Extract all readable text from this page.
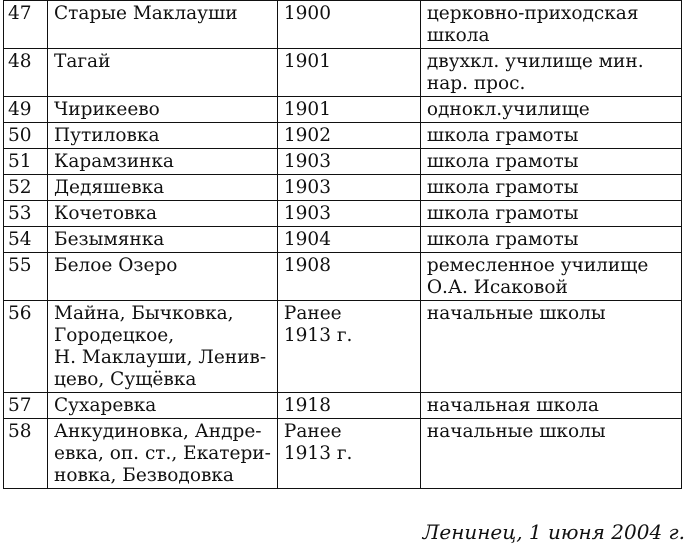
47	Старые Маклауши	1900	церковно-приходская
школа

48	Тагай	1901	двухкл. училище мин.
нар. прос.

49	Чирикеево	1901	однокл.училище

50	Путиловка	1902	школа грамоты

51	Карамзинка	1903	школа грамоты

52	Дедяшевка	1903	школа грамоты

53	Кочетовка	1903	школа грамоты

54	Безымянка	1904	школа грамоты

55	Белое Озеро	1908	ремесленное училище
О.А. Исаковой

56	Майна, Бычковка,
Городецкое,
Н. Маклауши, Ленив-
цево, Сущёвка	Ранее
1913 г.	начальные школы

57	Сухаревка	1918	начальная школа

58	Анкудиновка, Андре-
евка, оп. ст., Екатери-
новка, Безводовка	Ранее
1913 г.	начальные школы
Ленинец, 1 июня 2004 г.
